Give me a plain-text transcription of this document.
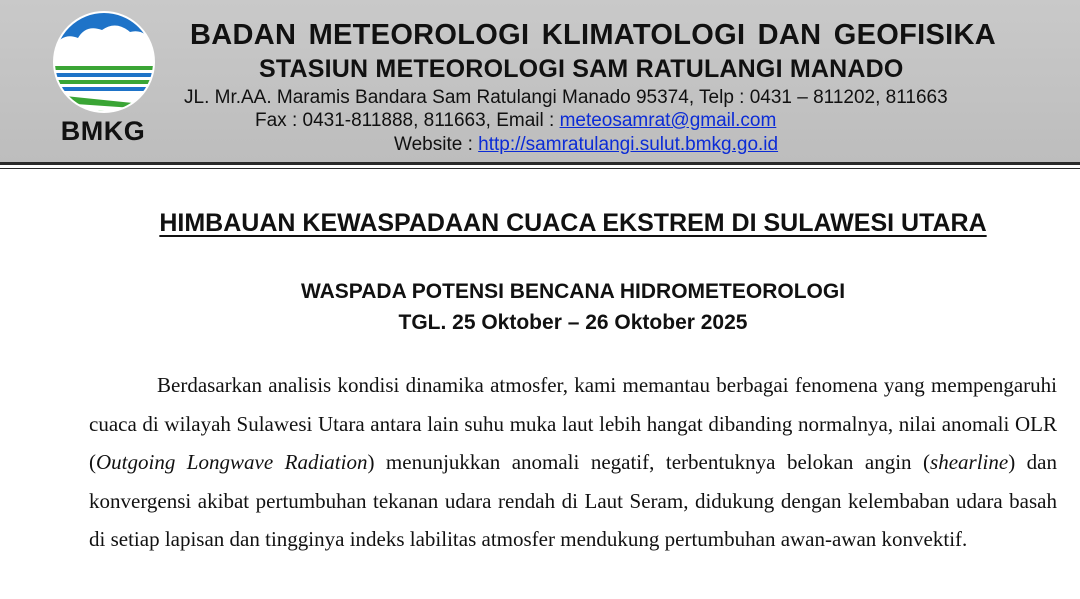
BMKG
BADAN METEOROLOGI KLIMATOLOGI DAN GEOFISIKA
STASIUN METEOROLOGI SAM RATULANGI MANADO
JL. Mr.AA. Maramis Bandara Sam Ratulangi Manado 95374, Telp : 0431 – 811202, 811663
Fax : 0431-811888, 811663, Email : meteosamrat@gmail.com
Website : http://samratulangi.sulut.bmkg.go.id
HIMBAUAN KEWASPADAAN CUACA EKSTREM DI SULAWESI UTARA
WASPADA POTENSI BENCANA HIDROMETEOROLOGI
TGL. 25 Oktober – 26 Oktober 2025
Berdasarkan analisis kondisi dinamika atmosfer, kami memantau berbagai fenomena yang mempengaruhi cuaca di wilayah Sulawesi Utara antara lain suhu muka laut lebih hangat dibanding normalnya, nilai anomali OLR (Outgoing Longwave Radiation) menunjukkan anomali negatif, terbentuknya belokan angin (shearline) dan konvergensi akibat pertumbuhan tekanan udara rendah di Laut Seram, didukung dengan kelembaban udara basah di setiap lapisan dan tingginya indeks labilitas atmosfer mendukung pertumbuhan awan-awan konvektif.
